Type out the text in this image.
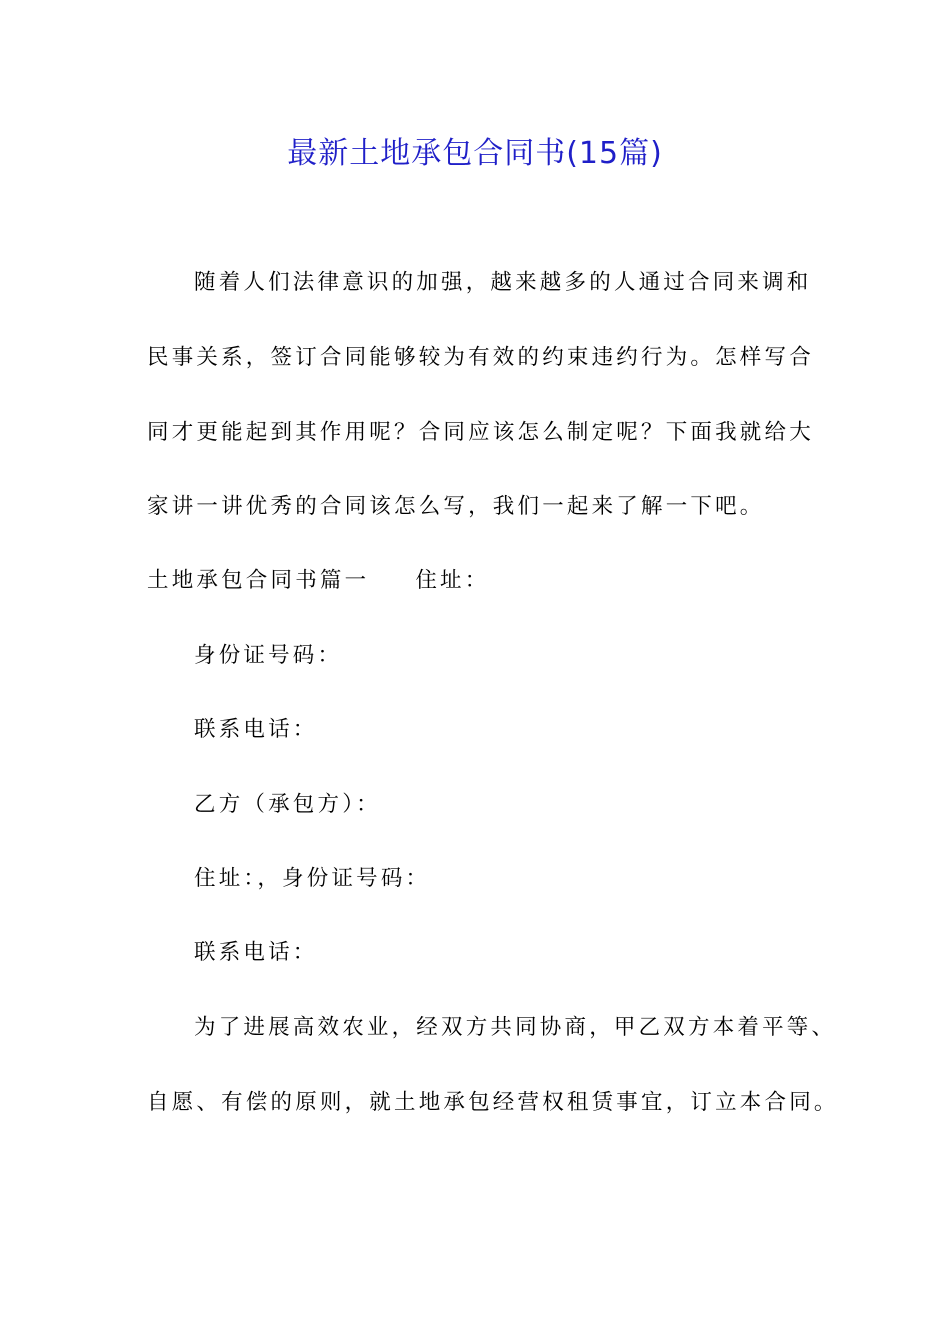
最新土地承包合同书(15篇)
随着人们法律意识的加强，越来越多的人通过合同来调和
民事关系，签订合同能够较为有效的约束违约行为。怎样写合
同才更能起到其作用呢？合同应该怎么制定呢？下面我就给大
家讲一讲优秀的合同该怎么写，我们一起来了解一下吧。
土地承包合同书篇一 住址：
身份证号码：
联系电话：
乙方（承包方）：
住址：，身份证号码：
联系电话：
为了进展高效农业，经双方共同协商，甲乙双方本着平等、
自愿、有偿的原则，就土地承包经营权租赁事宜，订立本合同。
